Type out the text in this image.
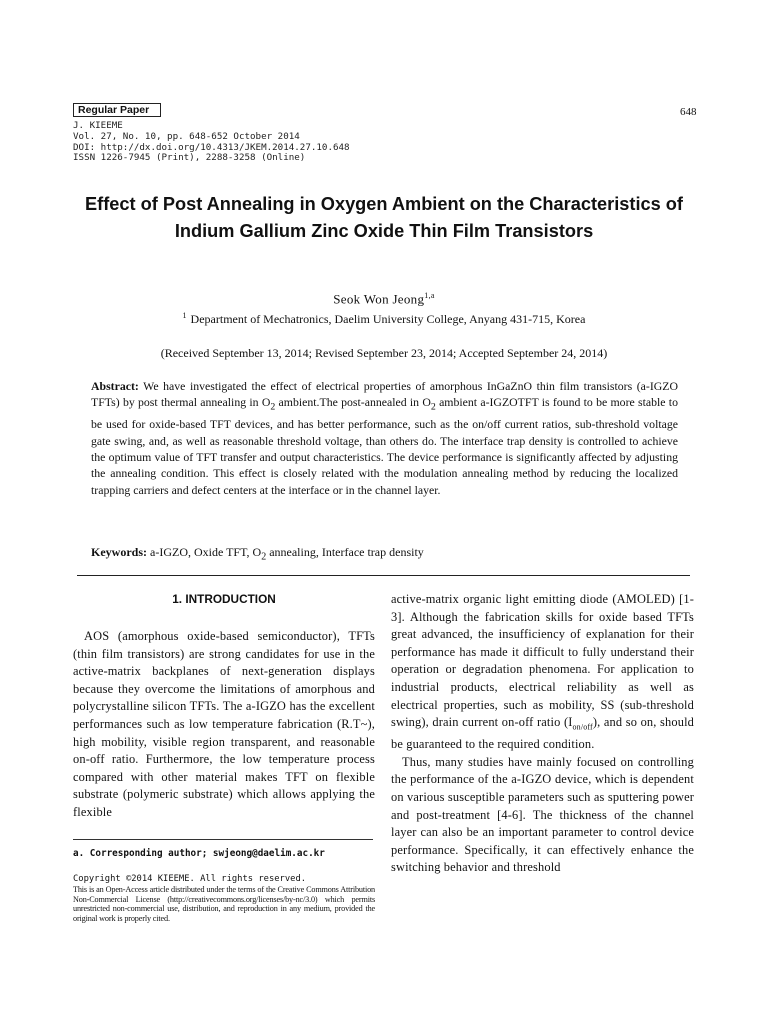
Regular Paper
J. KIEEME
Vol. 27, No. 10, pp. 648-652 October 2014
DOI: http://dx.doi.org/10.4313/JKEM.2014.27.10.648
ISSN 1226-7945 (Print), 2288-3258 (Online)
648
Effect of Post Annealing in Oxygen Ambient on the Characteristics of Indium Gallium Zinc Oxide Thin Film Transistors
Seok Won Jeong$^{1,a}$
$^1$ Department of Mechatronics, Daelim University College, Anyang 431-715, Korea
(Received September 13, 2014; Revised September 23, 2014; Accepted September 24, 2014)

Abstract: We have investigated the effect of electrical properties of amorphous InGaZnO thin film transistors (a-IGZO TFTs) by post thermal annealing in $O_2$ ambient.The post-annealed in $O_2$ ambient a-IGZOTFT is found to be more stable to be used for oxide-based TFT devices, and has better performance, such as the on/off current ratios, sub-threshold voltage gate swing, and, as well as reasonable threshold voltage, than others do. The interface trap density is controlled to achieve the optimum value of TFT transfer and output characteristics. The device performance is significantly affected by adjusting the annealing condition. This effect is closely related with the modulation annealing method by reducing the localized trapping carriers and defect centers at the interface or in the channel layer.

Keywords: a-IGZO, Oxide TFT, $O_2$ annealing, Interface trap density
1. INTRODUCTION

AOS (amorphous oxide-based semiconductor), TFTs (thin film transistors) are strong candidates for use in the active-matrix backplanes of next-generation displays because they overcome the limitations of amorphous and polycrystalline silicon TFTs. The a-IGZO has the excellent performances such as low temperature fabrication (R.T~), high mobility, visible region transparent, and reasonable on-off ratio. Furthermore, the low temperature process compared with other material makes TFT on flexible substrate (polymeric substrate) which allows applying the flexible

a. Corresponding author; swjeong@daelim.ac.kr
Copyright ©2014 KIEEME. All rights reserved.
This is an Open-Access article distributed under the terms of the Creative Commons Attribution Non-Commercial License (http://creativecommons.org/licenses/by-nc/3.0) which permits unrestricted non-commercial use, distribution, and reproduction in any medium, provided the original work is properly cited.

active-matrix organic light emitting diode (AMOLED) [1-3]. Although the fabrication skills for oxide based TFTs great advanced, the insufficiency of explanation for their performance has made it difficult to fully understand their operation or degradation phenomena. For application to industrial products, electrical reliability as well as electrical properties, such as mobility, SS (sub-threshold swing), drain current on-off ratio $(I_{on/off})$, and so on, should be guaranteed to the required condition.

Thus, many studies have mainly focused on controlling the performance of the a-IGZO device, which is dependent on various susceptible parameters such as sputtering power and post-treatment [4-6]. The thickness of the channel layer can also be an important parameter to control device performance. Specifically, it can effectively enhance the switching behavior and threshold
